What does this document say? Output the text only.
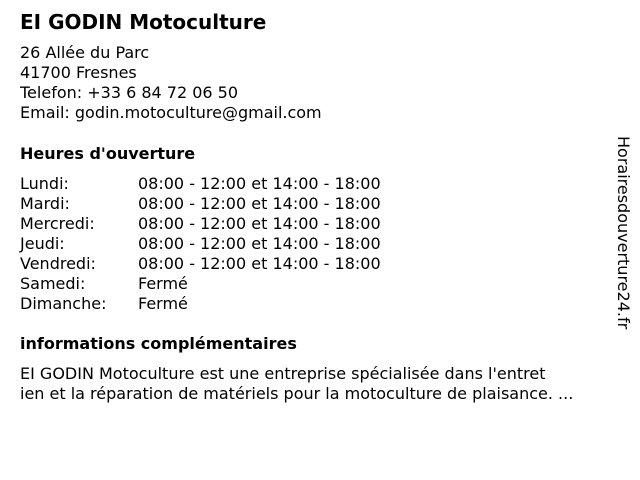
EI GODIN Motoculture
26 Allée du Parc
41700 Fresnes
Telefon: +33 6 84 72 06 50
Email: godin.motoculture@gmail.com
Heures d'ouverture
Lundi:	08:00 - 12:00 et 14:00 - 18:00
Mardi:	08:00 - 12:00 et 14:00 - 18:00
Mercredi:	08:00 - 12:00 et 14:00 - 18:00
Jeudi:	08:00 - 12:00 et 14:00 - 18:00
Vendredi:	08:00 - 12:00 et 14:00 - 18:00
Samedi:	Fermé
Dimanche:	Fermé
informations complémentaires
EI GODIN Motoculture est une entreprise spécialisée dans l'entret
ien et la réparation de matériels pour la motoculture de plaisance. ...
Horairesdouverture24.fr
